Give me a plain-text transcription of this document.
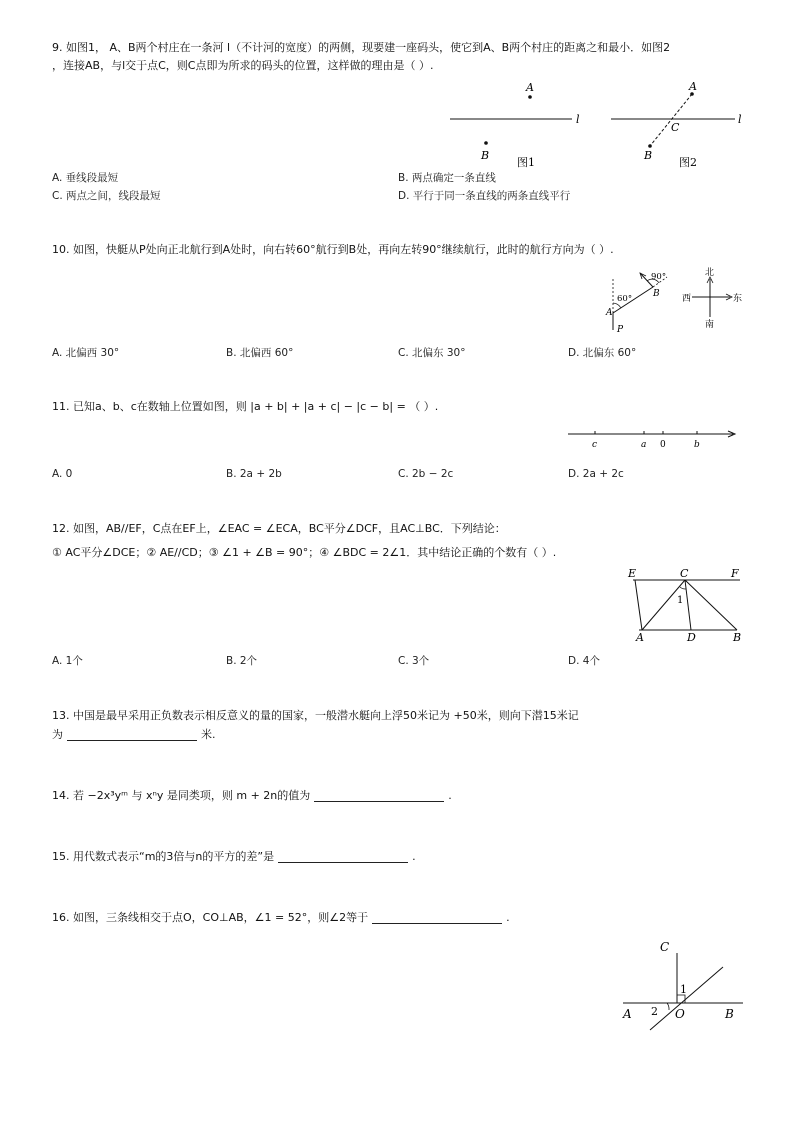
9. 如图1， A、B两个村庄在一条河 l（不计河的宽度）的两侧，现要建一座码头，使它到A、B两个村庄的距离之和最小．如图2
，连接AB，与l交于点C，则C点即为所求的码头的位置，这样做的理由是（ ）.
A
B
l
图1
A
B
C
l
图2
A. 垂线段最短	B. 两点确定一条直线
C. 两点之间，线段最短	D. 平行于同一条直线的两条直线平行
10. 如图，快艇从P处向正北航行到A处时，向右转60°航行到B处，再向左转90°继续航行，此时的航行方向为（ ）.
90°
60°
A
B
P
北
南
西	东
A. 北偏西 30°	B. 北偏西 60°	C. 北偏东 30°	D. 北偏东 60°
11. 已知a、b、c在数轴上位置如图，则 |a + b| + |a + c| − |c − b| = （ ）.
c	a 0	b
A. 0	B. 2a + 2b	C. 2b − 2c	D. 2a + 2c
12. 如图，AB//EF，C点在EF上，∠EAC = ∠ECA，BC平分∠DCF，且AC⊥BC．下列结论：
① AC平分∠DCE；② AE//CD；③ ∠1 + ∠B = 90°；④ ∠BDC = 2∠1．其中结论正确的个数有（ ）.
E	C	F
1
A	D	B
A. 1个	B. 2个	C. 3个	D. 4个
13. 中国是最早采用正负数表示相反意义的量的国家，一般潜水艇向上浮50米记为 +50米，则向下潜15米记
为	米.
14. 若 −2x³yᵐ 与 xⁿy 是同类项，则 m + 2n的值为	.
15. 用代数式表示“m的3倍与n的平方的差”是	.
16. 如图，三条线相交于点O，CO⊥AB，∠1 = 52°，则∠2等于	.
C
1
2
A	O	B
